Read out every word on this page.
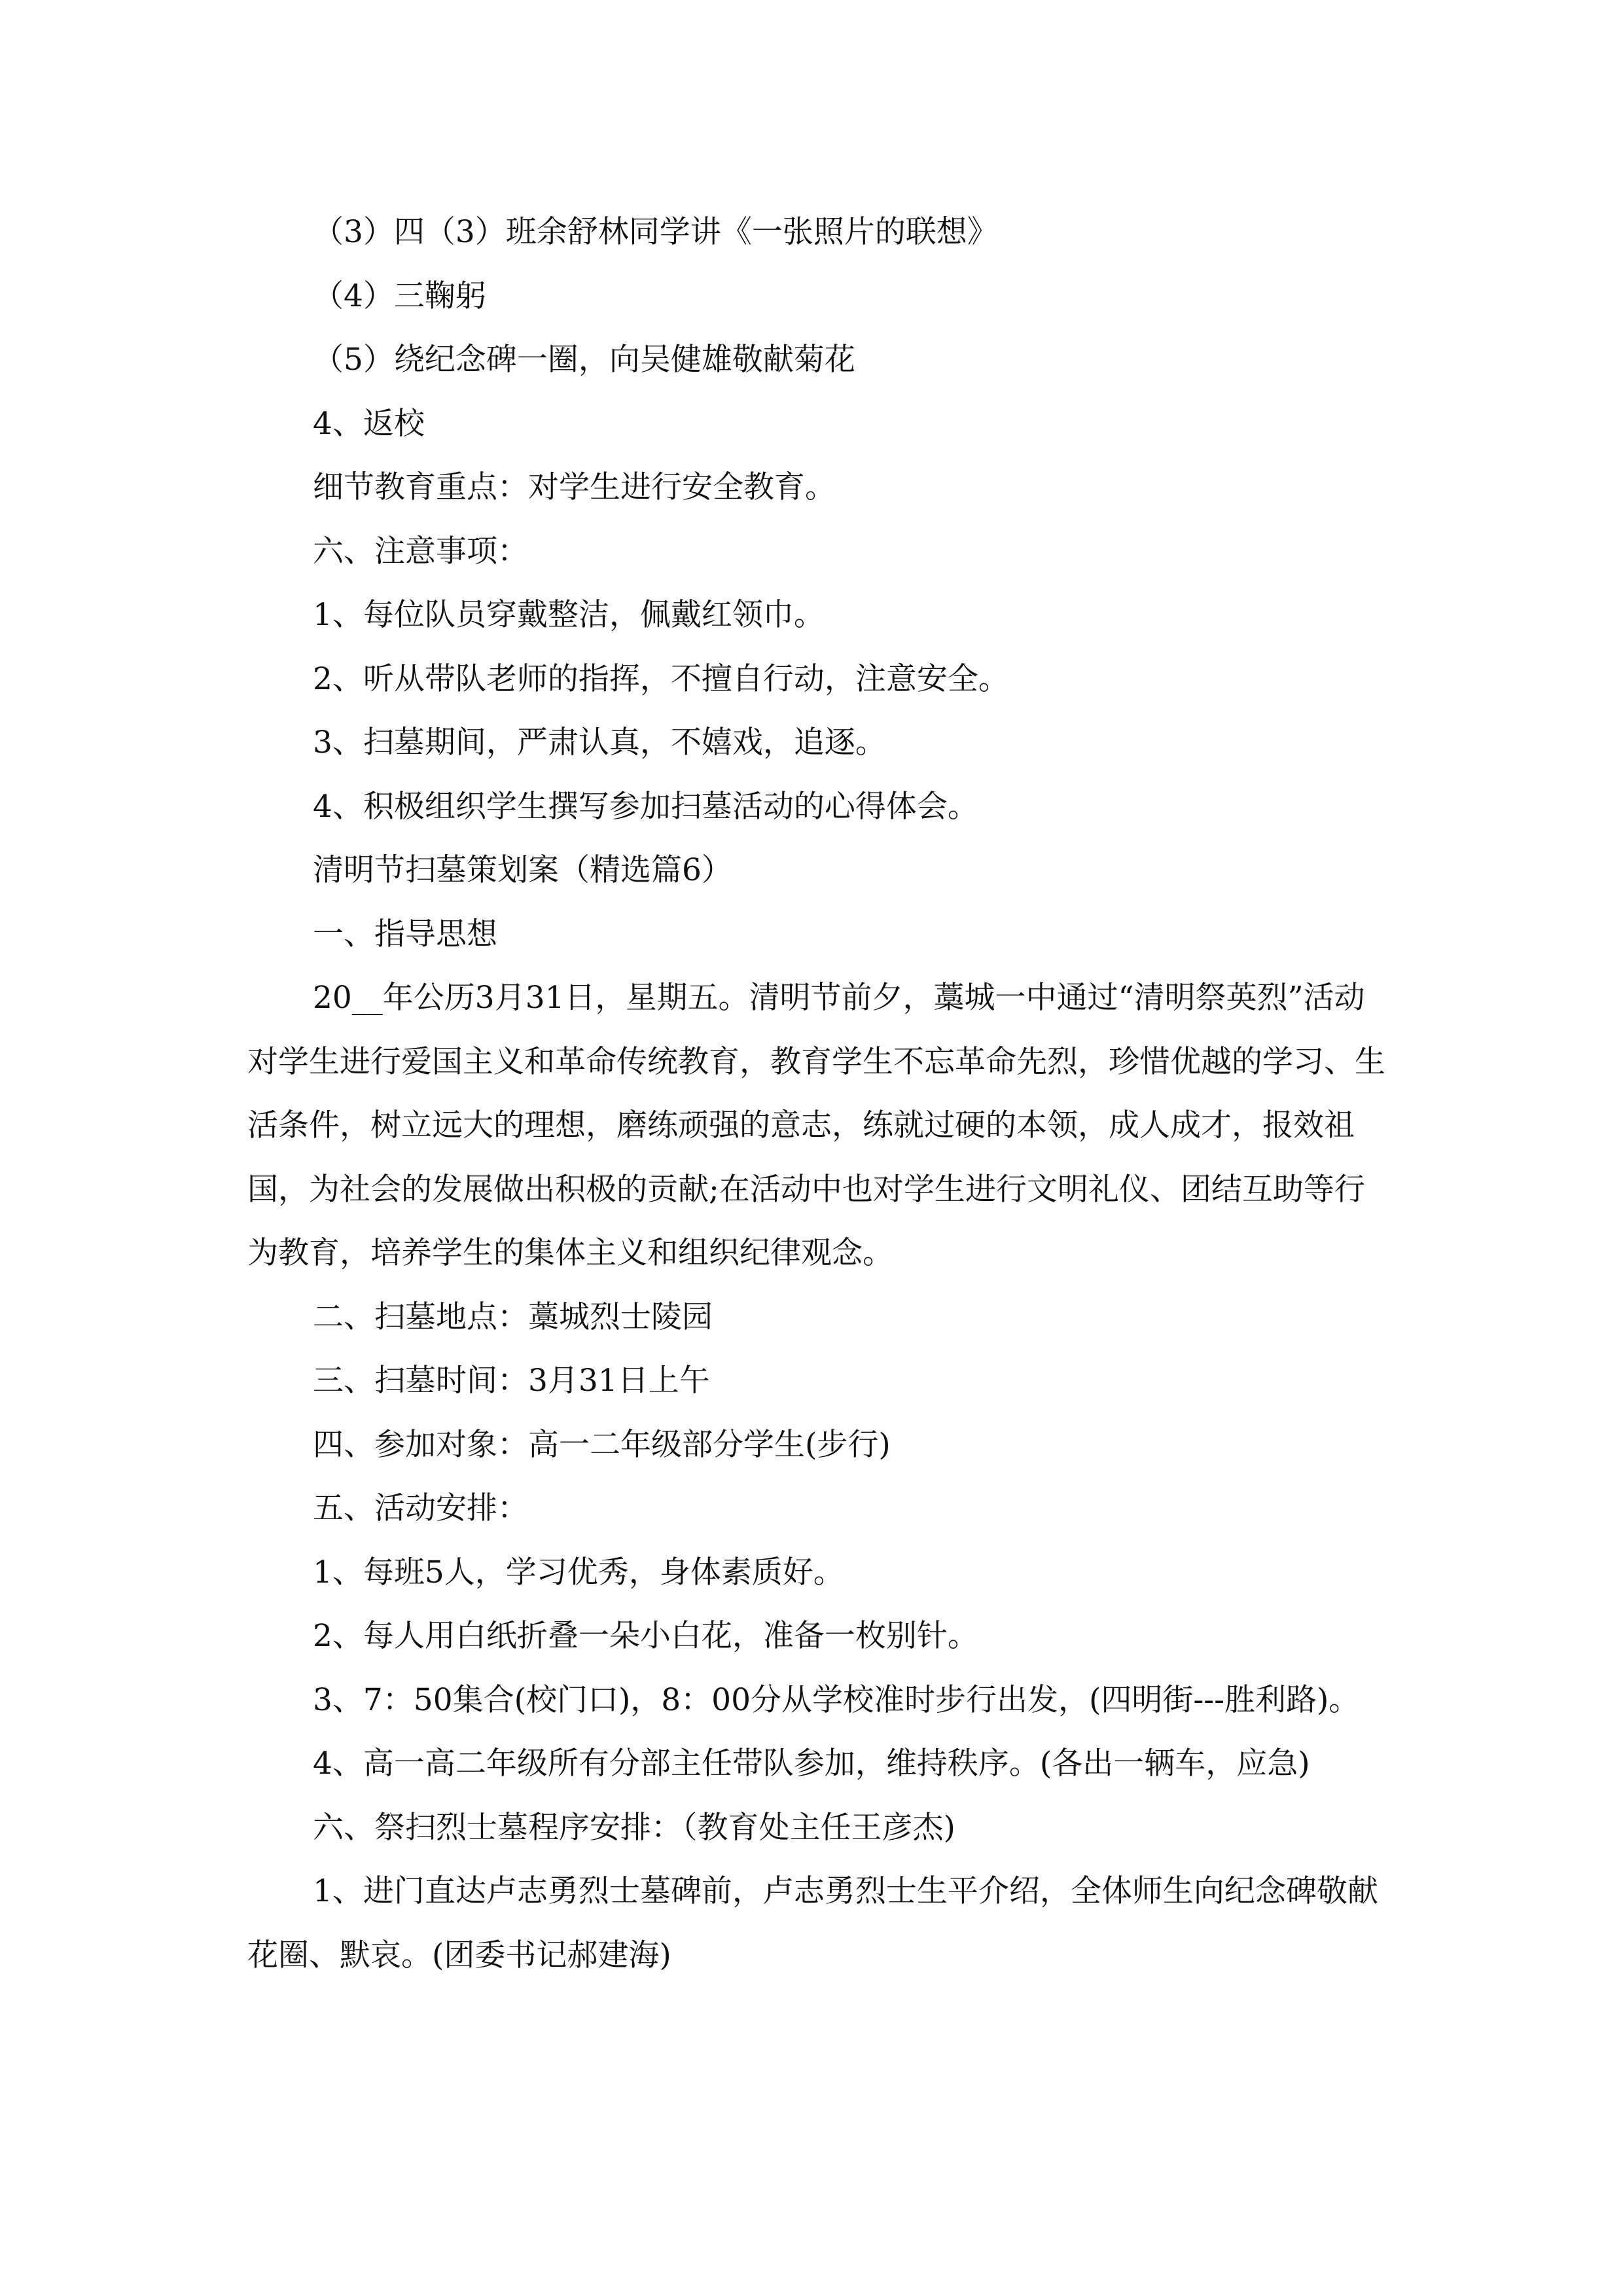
（3）四（3）班余舒林同学讲《一张照片的联想》

（4）三鞠躬

（5）绕纪念碑一圈，向吴健雄敬献菊花

4、返校

细节教育重点：对学生进行安全教育。

六、注意事项：

1、每位队员穿戴整洁，佩戴红领巾。

2、听从带队老师的指挥，不擅自行动，注意安全。

3、扫墓期间，严肃认真，不嬉戏，追逐。

4、积极组织学生撰写参加扫墓活动的心得体会。

清明节扫墓策划案（精选篇6）

一、指导思想

20__年公历3月31日，星期五。清明节前夕，藁城一中通过“清明祭英烈”活动对学生进行爱国主义和革命传统教育，教育学生不忘革命先烈，珍惜优越的学习、生活条件，树立远大的理想，磨练顽强的意志，练就过硬的本领，成人成才，报效祖国，为社会的发展做出积极的贡献;在活动中也对学生进行文明礼仪、团结互助等行为教育，培养学生的集体主义和组织纪律观念。

二、扫墓地点：藁城烈士陵园

三、扫墓时间：3月31日上午

四、参加对象：高一二年级部分学生(步行)

五、活动安排：

1、每班5人，学习优秀，身体素质好。

2、每人用白纸折叠一朵小白花，准备一枚别针。

3、7：50集合(校门口)，8：00分从学校准时步行出发，(四明街---胜利路)。

4、高一高二年级所有分部主任带队参加，维持秩序。(各出一辆车，应急)

六、祭扫烈士墓程序安排：（教育处主任王彦杰)

1、进门直达卢志勇烈士墓碑前，卢志勇烈士生平介绍，全体师生向纪念碑敬献花圈、默哀。(团委书记郝建海)
